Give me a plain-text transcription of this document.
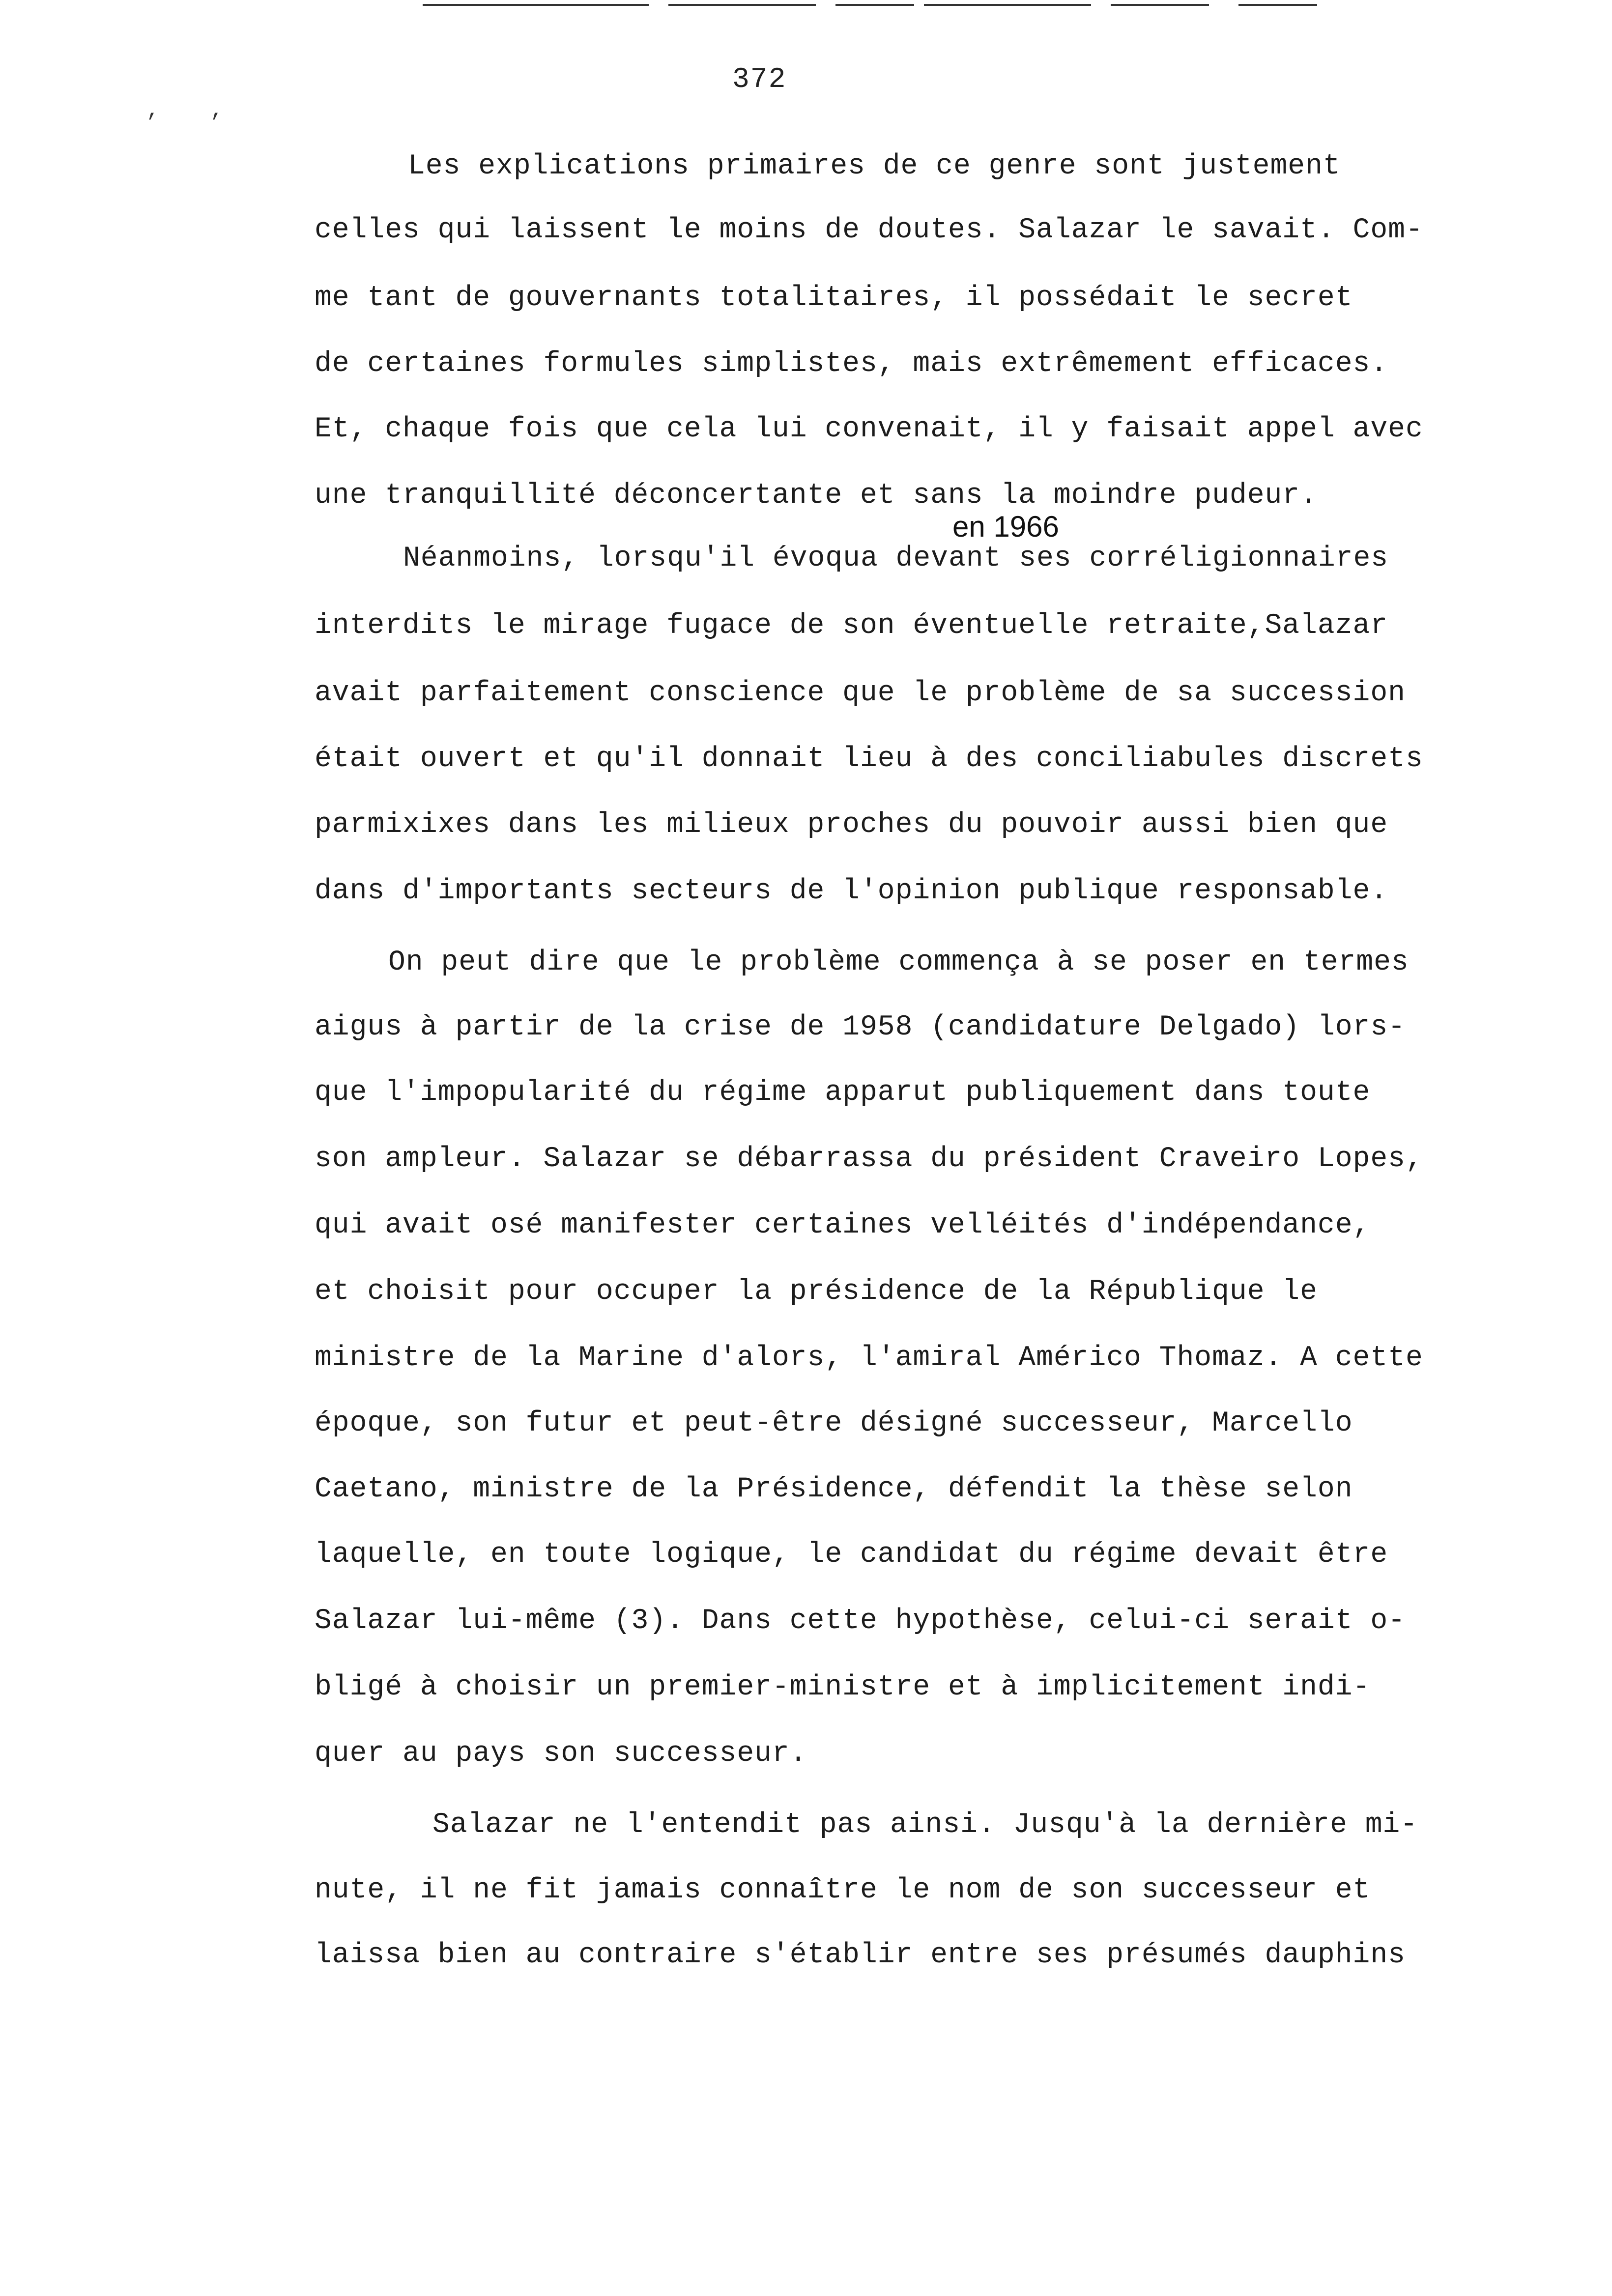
, ,
372
Les explications primaires de ce genre sont justement
celles qui laissent le moins de doutes. Salazar le savait. Com-
me tant de gouvernants totalitaires, il possédait le secret
de certaines formules simplistes, mais extrêmement efficaces.
Et, chaque fois que cela lui convenait, il y faisait appel avec
une tranquillité déconcertante et sans la moindre pudeur.
en 1966
Néanmoins, lorsqu'il évoqua devant ses corréligionnaires
interdits le mirage fugace de son éventuelle retraite,Salazar
avait parfaitement conscience que le problème de sa succession
était ouvert et qu'il donnait lieu à des conciliabules discrets
parmixixes dans les milieux proches du pouvoir aussi bien que
dans d'importants secteurs de l'opinion publique responsable.
On peut dire que le problème commença à se poser en termes
aigus à partir de la crise de 1958 (candidature Delgado) lors-
que l'impopularité du régime apparut publiquement dans toute
son ampleur. Salazar se débarrassa du président Craveiro Lopes,
qui avait osé manifester certaines velléités d'indépendance,
et choisit pour occuper la présidence de la République le
ministre de la Marine d'alors, l'amiral Américo Thomaz. A cette
époque, son futur et peut-être désigné successeur, Marcello
Caetano, ministre de la Présidence, défendit la thèse selon
laquelle, en toute logique, le candidat du régime devait être
Salazar lui-même (3). Dans cette hypothèse, celui-ci serait o-
bligé à choisir un premier-ministre et à implicitement indi-
quer au pays son successeur.
Salazar ne l'entendit pas ainsi. Jusqu'à la dernière mi-
nute, il ne fit jamais connaître le nom de son successeur et
laissa bien au contraire s'établir entre ses présumés dauphins
